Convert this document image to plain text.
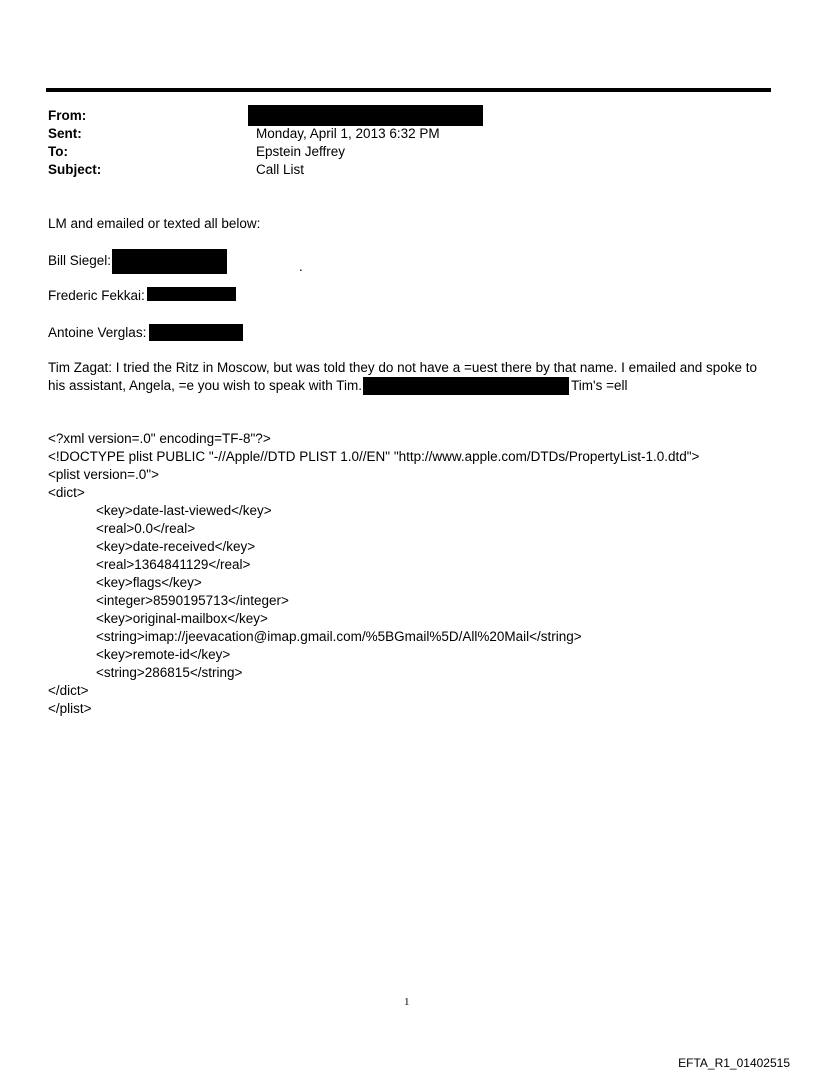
From:
Sent:	Monday, April 1, 2013 6:32 PM
To:	Epstein Jeffrey
Subject:	Call List
LM and emailed or texted all below:
Bill Siegel:	.
Frederic Fekkai:
Antoine Verglas:
Tim Zagat: I tried the Ritz in Moscow, but was told they do not have a =uest there by that name. I emailed and spoke to
his assistant, Angela, =e you wish to speak with Tim.	Tim's =ell
<?xml version=.0" encoding=TF-8"?>
<!DOCTYPE plist PUBLIC "-//Apple//DTD PLIST 1.0//EN" "http://www.apple.com/DTDs/PropertyList-1.0.dtd">
<plist version=.0">
<dict>
<key>date-last-viewed</key>
<real>0.0</real>
<key>date-received</key>
<real>1364841129</real>
<key>flags</key>
<integer>8590195713</integer>
<key>original-mailbox</key>
<string>imap://jeevacation@imap.gmail.com/%5BGmail%5D/All%20Mail</string>
<key>remote-id</key>
<string>286815</string>
</dict>
</plist>
1
EFTA_R1_01402515
